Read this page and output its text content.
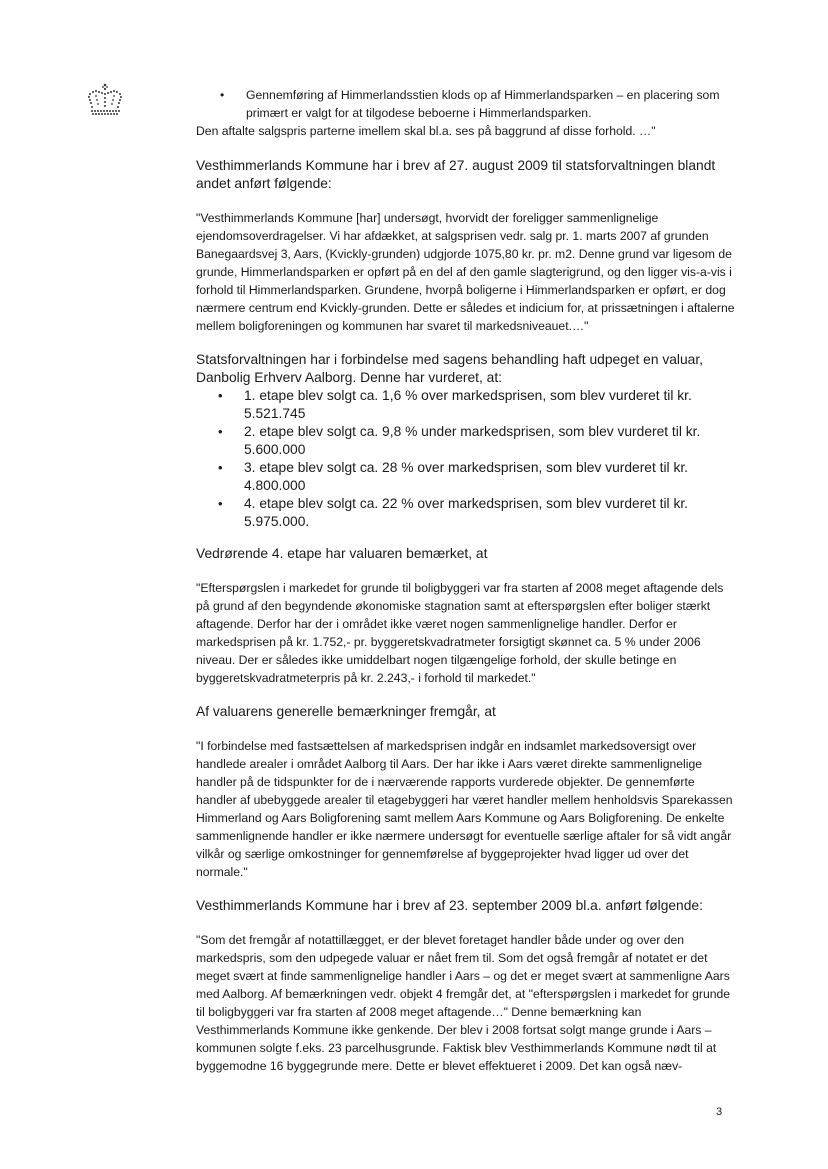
• Gennemføring af Himmerlandsstien klods op af Himmerlandsparken – en placering som primært er valgt for at tilgodese beboerne i Himmerlandsparken.

Den aftalte salgspris parterne imellem skal bl.a. ses på baggrund af disse forhold. …"

Vesthimmerlands Kommune har i brev af 27. august 2009 til statsforvaltningen blandt andet anført følgende:

"Vesthimmerlands Kommune [har] undersøgt, hvorvidt der foreligger sammenlignelige ejendomsoverdragelser. Vi har afdækket, at salgsprisen vedr. salg pr. 1. marts 2007 af grunden Banegaardsvej 3, Aars, (Kvickly-grunden) udgjorde 1075,80 kr. pr. m2. Denne grund var ligesom de grunde, Himmerlandsparken er opført på en del af den gamle slagterigrund, og den ligger vis-a-vis i forhold til Himmerlandsparken. Grundene, hvorpå boligerne i Himmerlandsparken er opført, er dog nærmere centrum end Kvickly-grunden. Dette er således et indicium for, at prissætningen i aftalerne mellem boligforeningen og kommunen har svaret til markedsniveauet.…"

Statsforvaltningen har i forbindelse med sagens behandling haft udpeget en valuar, Danbolig Erhverv Aalborg. Denne har vurderet, at:

• 1. etape blev solgt ca. 1,6 % over markedsprisen, som blev vurderet til kr. 5.521.745
• 2. etape blev solgt ca. 9,8 % under markedsprisen, som blev vurderet til kr. 5.600.000
• 3. etape blev solgt ca. 28 % over markedsprisen, som blev vurderet til kr. 4.800.000
• 4. etape blev solgt ca. 22 % over markedsprisen, som blev vurderet til kr. 5.975.000.

Vedrørende 4. etape har valuaren bemærket, at

"Efterspørgslen i markedet for grunde til boligbyggeri var fra starten af 2008 meget aftagende dels på grund af den begyndende økonomiske stagnation samt at efterspørgslen efter boliger stærkt aftagende. Derfor har der i området ikke været nogen sammenlignelige handler. Derfor er markedsprisen på kr. 1.752,- pr. byggeretskvadratmeter forsigtigt skønnet ca. 5 % under 2006 niveau. Der er således ikke umiddelbart nogen tilgængelige forhold, der skulle betinge en byggeretskvadratmeterpris på kr. 2.243,- i forhold til markedet."

Af valuarens generelle bemærkninger fremgår, at

"I forbindelse med fastsættelsen af markedsprisen indgår en indsamlet markedsoversigt over handlede arealer i området Aalborg til Aars. Der har ikke i Aars været direkte sammenlignelige handler på de tidspunkter for de i nærværende rapports vurderede objekter. De gennemførte handler af ubebyggede arealer til etagebyggeri har været handler mellem henholdsvis Sparekassen Himmerland og Aars Boligforening samt mellem Aars Kommune og Aars Boligforening. De enkelte sammenlignende handler er ikke nærmere undersøgt for eventuelle særlige aftaler for så vidt angår vilkår og særlige omkostninger for gennemførelse af byggeprojekter hvad ligger ud over det normale."

Vesthimmerlands Kommune har i brev af 23. september 2009 bl.a. anført følgende:

"Som det fremgår af notattillægget, er der blevet foretaget handler både under og over den markedspris, som den udpegede valuar er nået frem til. Som det også fremgår af notatet er det meget svært at finde sammenlignelige handler i Aars – og det er meget svært at sammenligne Aars med Aalborg. Af bemærkningen vedr. objekt 4 fremgår det, at "efterspørgslen i markedet for grunde til boligbyggeri var fra starten af 2008 meget aftagende…" Denne bemærkning kan Vesthimmerlands Kommune ikke genkende. Der blev i 2008 fortsat solgt mange grunde i Aars – kommunen solgte f.eks. 23 parcelhusgrunde. Faktisk blev Vesthimmerlands Kommune nødt til at byggemodne 16 byggegrunde mere. Dette er blevet effektueret i 2009. Det kan også næv-

3
